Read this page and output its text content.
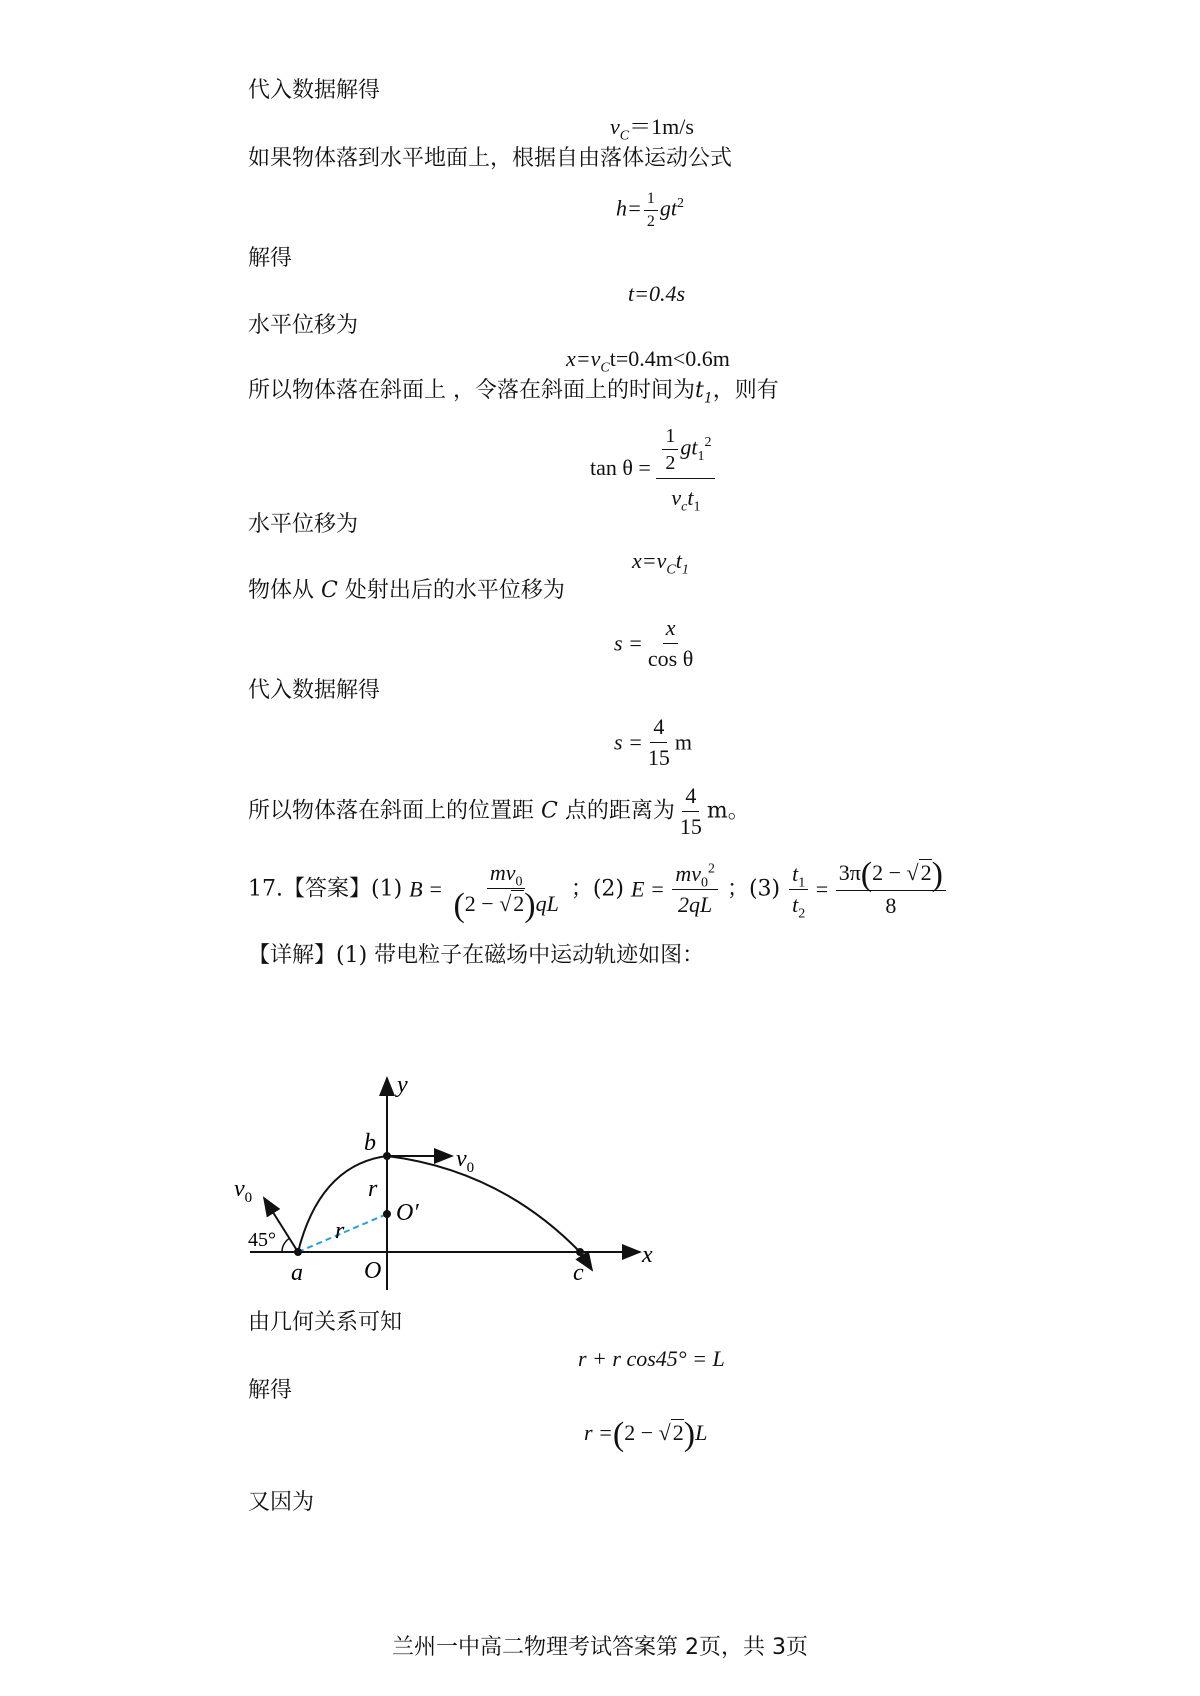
代入数据解得
$v_C=1m/s$
如果物体落到水平地面上，根据自由落体运动公式
$h= \frac{1}{2} gt^2$
解得
t=0.4s
水平位移为
$x=v_Ct=0.4m<0.6m$
所以物体落在斜面上 ，令落在斜面上的时间为$t_1$，则有
$\tan \theta = \frac{1}{2} gt_1^2$
$v_ct_1$
水平位移为
$x=v_Ct_1$
物体从 C 处射出后的水平位移为
$s = \frac{x}{\text{cos θ}}$
代入数据解得
$s = \frac{4}{15}$ m
所以物体落在斜面上的位置距 C 点的距离为 $\frac{4}{15}$ m。
17.【答案】(1) $B = \frac{mv_0}{(2 - √2)qL}$ ；(2) $E = \frac{mv_0^2}{2qL}$ ；$(3) \frac{t_1}{t_2} = \frac{3\pi(2 - √2)}{8}$
【详解】(1) 带电粒子在磁场中运动轨迹如图：
y
x
O
a
b
c
O′
r
r
$v_0$
$v_0$
45°
由几何关系可知
r + r cos45° = L
解得
r =(2 − √2)L
又因为
兰州一中高二物理考试答案第 2页，共 3页
